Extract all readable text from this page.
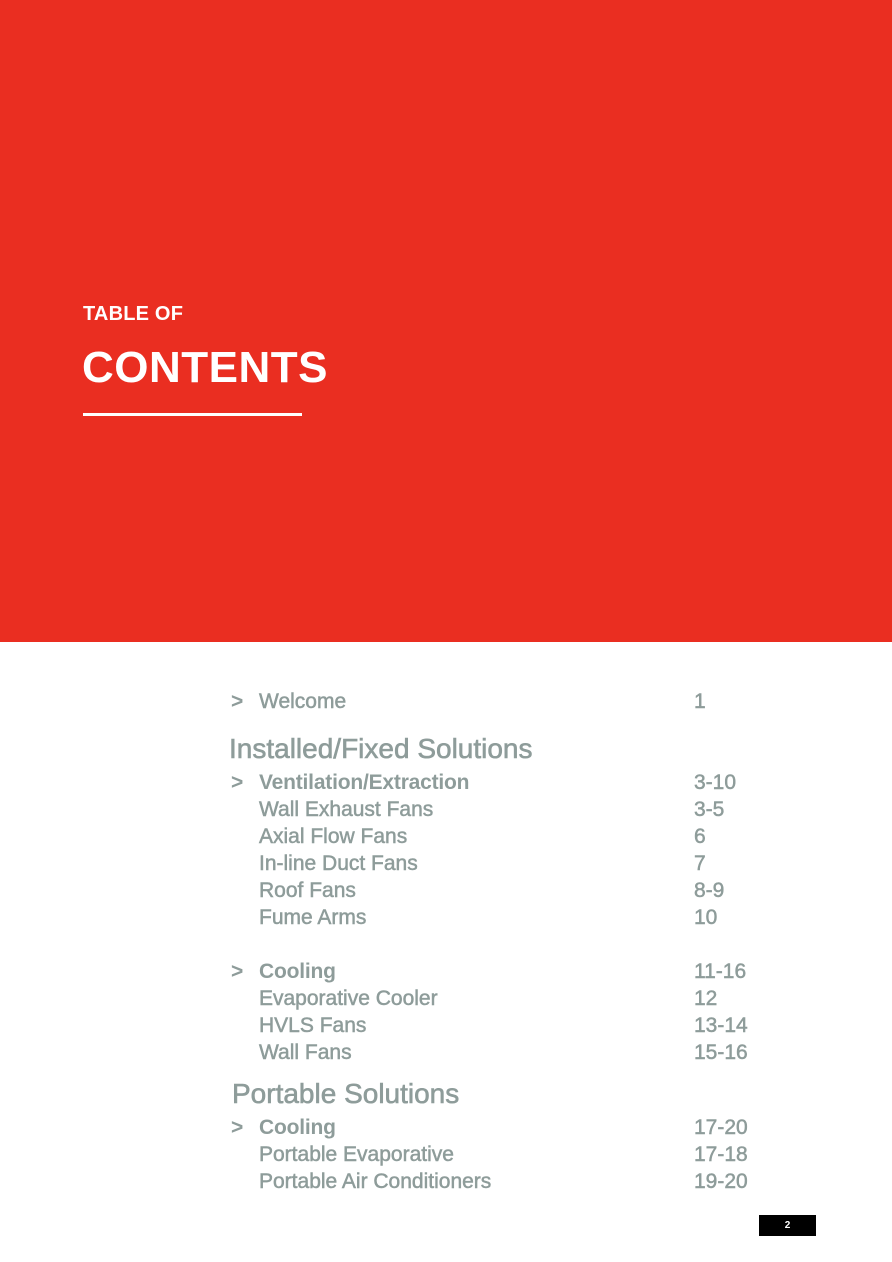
TABLE OF
CONTENTS
> Welcome	1
Installed/Fixed Solutions
> Ventilation/Extraction	3-10
Wall Exhaust Fans	3-5
Axial Flow Fans	6
In-line Duct Fans	7
Roof Fans	8-9
Fume Arms	10
> Cooling	11-16
Evaporative Cooler	12
HVLS Fans	13-14
Wall Fans	15-16
Portable Solutions
> Cooling	17-20
Portable Evaporative	17-18
Portable Air Conditioners	19-20
2
